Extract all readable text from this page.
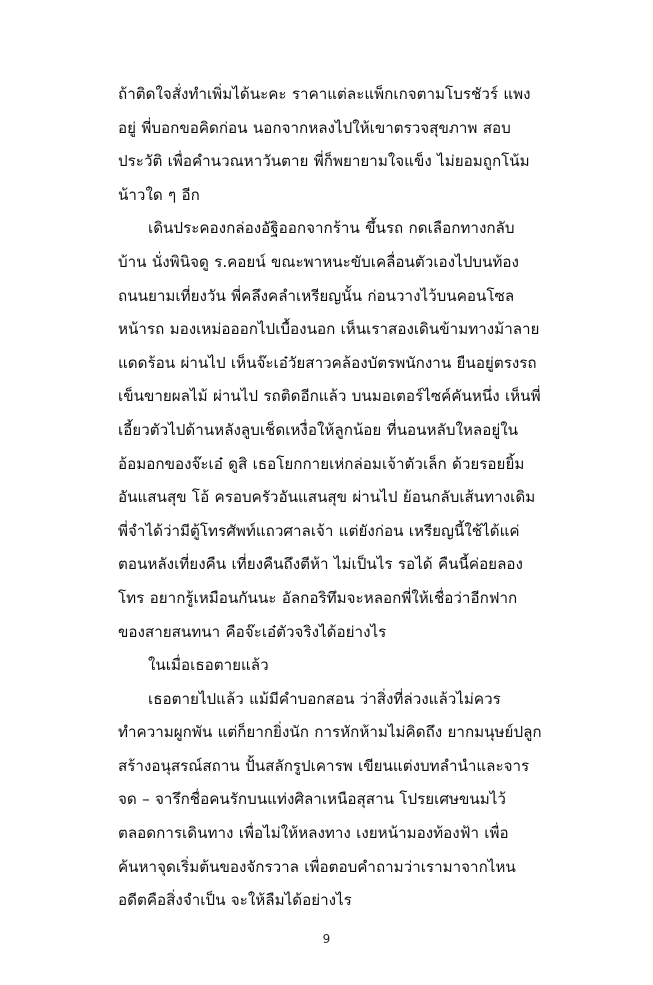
ถ้าติดใจสั่งทำเพิ่มได้นะคะ ราคาแต่ละแพ็กเกจตามโบรชัวร์ แพงอยู่ พี่บอกขอคิดก่อน นอกจากหลงไปให้เขาตรวจสุขภาพ สอบประวัติ เพื่อคำนวณหาวันตาย พี่ก็พยายามใจแข็ง ไม่ยอมถูกโน้มน้าวใด ๆ อีก

เดินประคองกล่องอัฐิออกจากร้าน ขึ้นรถ กดเลือกทางกลับบ้าน นั่งพินิจดู ร.คอยน์ ขณะพาหนะขับเคลื่อนตัวเองไปบนท้องถนนยามเที่ยงวัน พี่คลึงคลำเหรียญนั้น ก่อนวางไว้บนคอนโซลหน้ารถ มองเหม่อออกไปเบื้องนอก เห็นเราสองเดินข้ามทางม้าลาย แดดร้อน ผ่านไป เห็นจ๊ะเอ๋วัยสาวคล้องบัตรพนักงาน ยืนอยู่ตรงรถเข็นขายผลไม้ ผ่านไป รถติดอีกแล้ว บนมอเตอร์ไซค์คันหนึ่ง เห็นพี่เอี้ยวตัวไปด้านหลังลูบเช็ดเหงื่อให้ลูกน้อย ที่นอนหลับใหลอยู่ในอ้อมอกของจ๊ะเอ๋ ดูสิ เธอโยกกายเห่กล่อมเจ้าตัวเล็ก ด้วยรอยยิ้มอันแสนสุข โอ้ ครอบครัวอันแสนสุข ผ่านไป ย้อนกลับเส้นทางเดิม พี่จำได้ว่ามีตู้โทรศัพท์แถวศาลเจ้า แต่ยังก่อน เหรียญนี้ใช้ได้แค่ตอนหลังเที่ยงคืน เที่ยงคืนถึงตีห้า ไม่เป็นไร รอได้ คืนนี้ค่อยลองโทร อยากรู้เหมือนกันนะ อัลกอริทึมจะหลอกพี่ให้เชื่อว่าอีกฟากของสายสนทนา คือจ๊ะเอ๋ตัวจริงได้อย่างไร

ในเมื่อเธอตายแล้ว

เธอตายไปแล้ว แม้มีคำบอกสอน ว่าสิ่งที่ล่วงแล้วไม่ควรทำความผูกพัน แต่ก็ยากยิ่งนัก การหักห้ามไม่คิดถึง ยากมนุษย์ปลูกสร้างอนุสรณ์สถาน ปั้นสลักรูปเคารพ เขียนแต่งบทลำนำและจารจด – จารึกชื่อคนรักบนแท่งศิลาเหนือสุสาน โปรยเศษขนมไว้ตลอดการเดินทาง เพื่อไม่ให้หลงทาง เงยหน้ามองท้องฟ้า เพื่อค้นหาจุดเริ่มต้นของจักรวาล เพื่อตอบคำถามว่าเรามาจากไหน อดีตคือสิ่งจำเป็น จะให้ลืมได้อย่างไร

9
